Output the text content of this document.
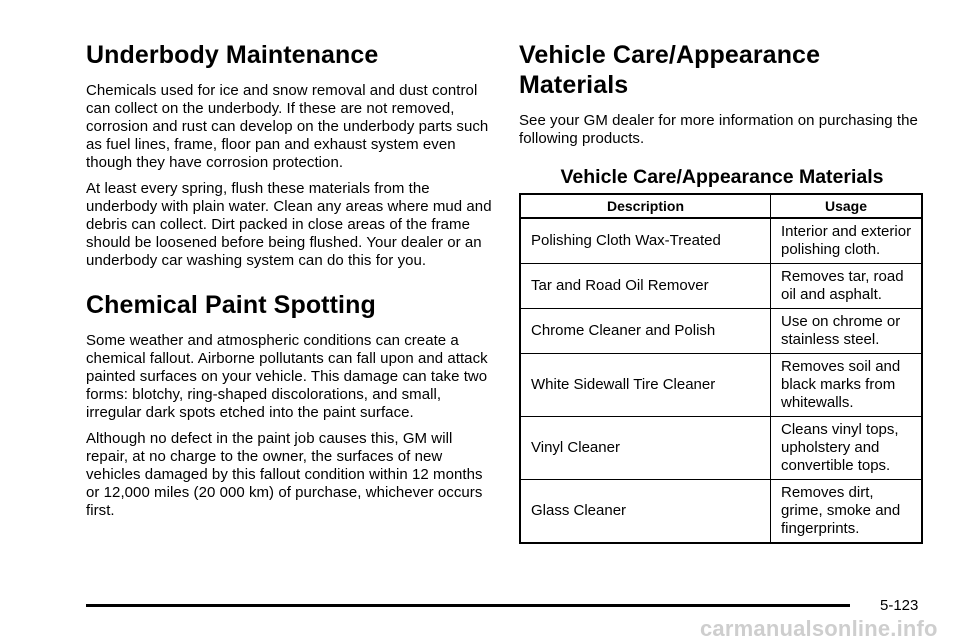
Underbody Maintenance

Chemicals used for ice and snow removal and dust control can collect on the underbody. If these are not removed, corrosion and rust can develop on the underbody parts such as fuel lines, frame, floor pan and exhaust system even though they have corrosion protection.

At least every spring, flush these materials from the underbody with plain water. Clean any areas where mud and debris can collect. Dirt packed in close areas of the frame should be loosened before being flushed. Your dealer or an underbody car washing system can do this for you.

Chemical Paint Spotting

Some weather and atmospheric conditions can create a chemical fallout. Airborne pollutants can fall upon and attack painted surfaces on your vehicle. This damage can take two forms: blotchy, ring-shaped discolorations, and small, irregular dark spots etched into the paint surface.

Although no defect in the paint job causes this, GM will repair, at no charge to the owner, the surfaces of new vehicles damaged by this fallout condition within 12 months or 12,000 miles (20 000 km) of purchase, whichever occurs first.

Vehicle Care/Appearance Materials

See your GM dealer for more information on purchasing the following products.

Vehicle Care/Appearance Materials
Description	Usage
Polishing Cloth Wax-Treated	Interior and exterior polishing cloth.
Tar and Road Oil Remover	Removes tar, road oil and asphalt.
Chrome Cleaner and Polish	Use on chrome or stainless steel.
White Sidewall Tire Cleaner	Removes soil and black marks from whitewalls.
Vinyl Cleaner	Cleans vinyl tops, upholstery and convertible tops.
Glass Cleaner	Removes dirt, grime, smoke and fingerprints.
5-123
carmanualsonline.info
